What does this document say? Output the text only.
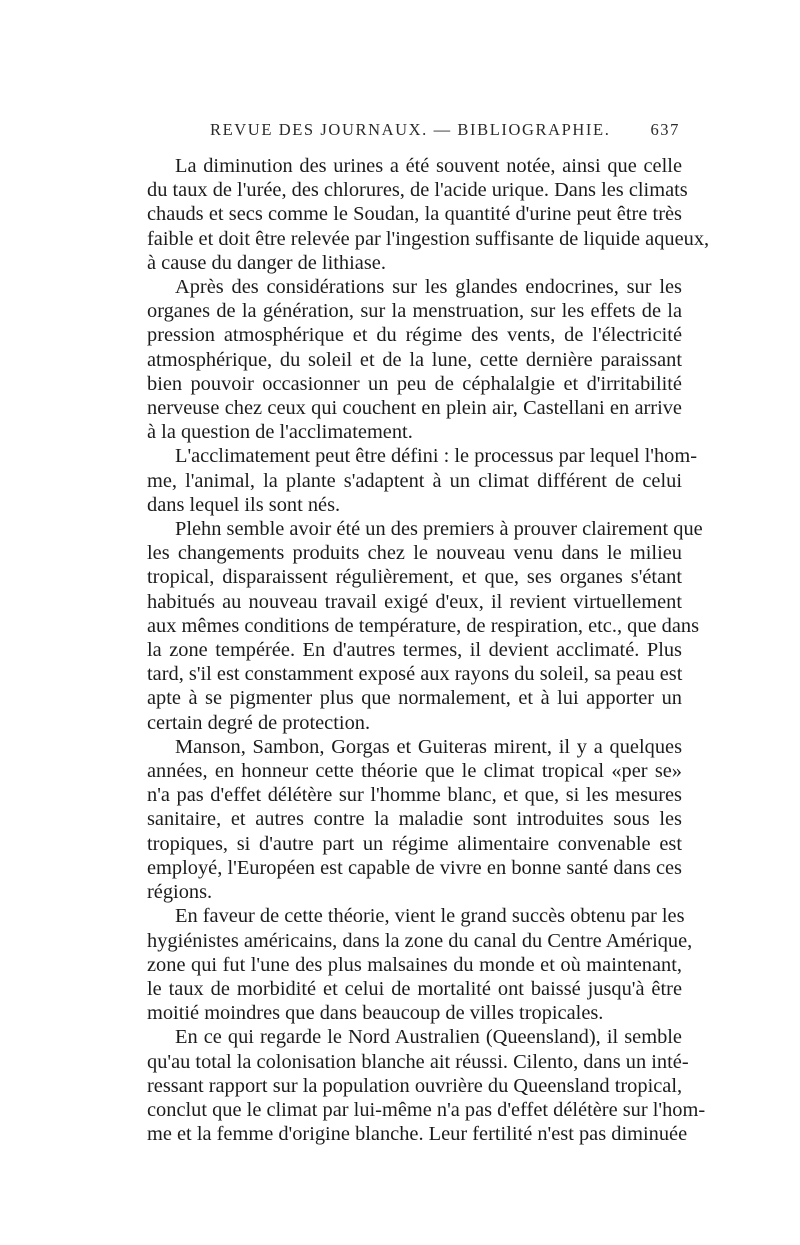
REVUE DES JOURNAUX. — BIBLIOGRAPHIE. 637
La diminution des urines a été souvent notée, ainsi que celle
du taux de l'urée, des chlorures, de l'acide urique. Dans les climats
chauds et secs comme le Soudan, la quantité d'urine peut être très
faible et doit être relevée par l'ingestion suffisante de liquide aqueux,
à cause du danger de lithiase.
Après des considérations sur les glandes endocrines, sur les
organes de la génération, sur la menstruation, sur les effets de la
pression atmosphérique et du régime des vents, de l'électricité
atmosphérique, du soleil et de la lune, cette dernière paraissant
bien pouvoir occasionner un peu de céphalalgie et d'irritabilité
nerveuse chez ceux qui couchent en plein air, Castellani en arrive
à la question de l'acclimatement.
L'acclimatement peut être défini : le processus par lequel l'hom-
me, l'animal, la plante s'adaptent à un climat différent de celui
dans lequel ils sont nés.
Plehn semble avoir été un des premiers à prouver clairement que
les changements produits chez le nouveau venu dans le milieu
tropical, disparaissent régulièrement, et que, ses organes s'étant
habitués au nouveau travail exigé d'eux, il revient virtuellement
aux mêmes conditions de température, de respiration, etc., que dans
la zone tempérée. En d'autres termes, il devient acclimaté. Plus
tard, s'il est constamment exposé aux rayons du soleil, sa peau est
apte à se pigmenter plus que normalement, et à lui apporter un
certain degré de protection.
Manson, Sambon, Gorgas et Guiteras mirent, il y a quelques
années, en honneur cette théorie que le climat tropical «per se»
n'a pas d'effet délétère sur l'homme blanc, et que, si les mesures
sanitaire, et autres contre la maladie sont introduites sous les
tropiques, si d'autre part un régime alimentaire convenable est
employé, l'Européen est capable de vivre en bonne santé dans ces
régions.
En faveur de cette théorie, vient le grand succès obtenu par les
hygiénistes américains, dans la zone du canal du Centre Amérique,
zone qui fut l'une des plus malsaines du monde et où maintenant,
le taux de morbidité et celui de mortalité ont baissé jusqu'à être
moitié moindres que dans beaucoup de villes tropicales.
En ce qui regarde le Nord Australien (Queensland), il semble
qu'au total la colonisation blanche ait réussi. Cilento, dans un inté-
ressant rapport sur la population ouvrière du Queensland tropical,
conclut que le climat par lui-même n'a pas d'effet délétère sur l'hom-
me et la femme d'origine blanche. Leur fertilité n'est pas diminuée
